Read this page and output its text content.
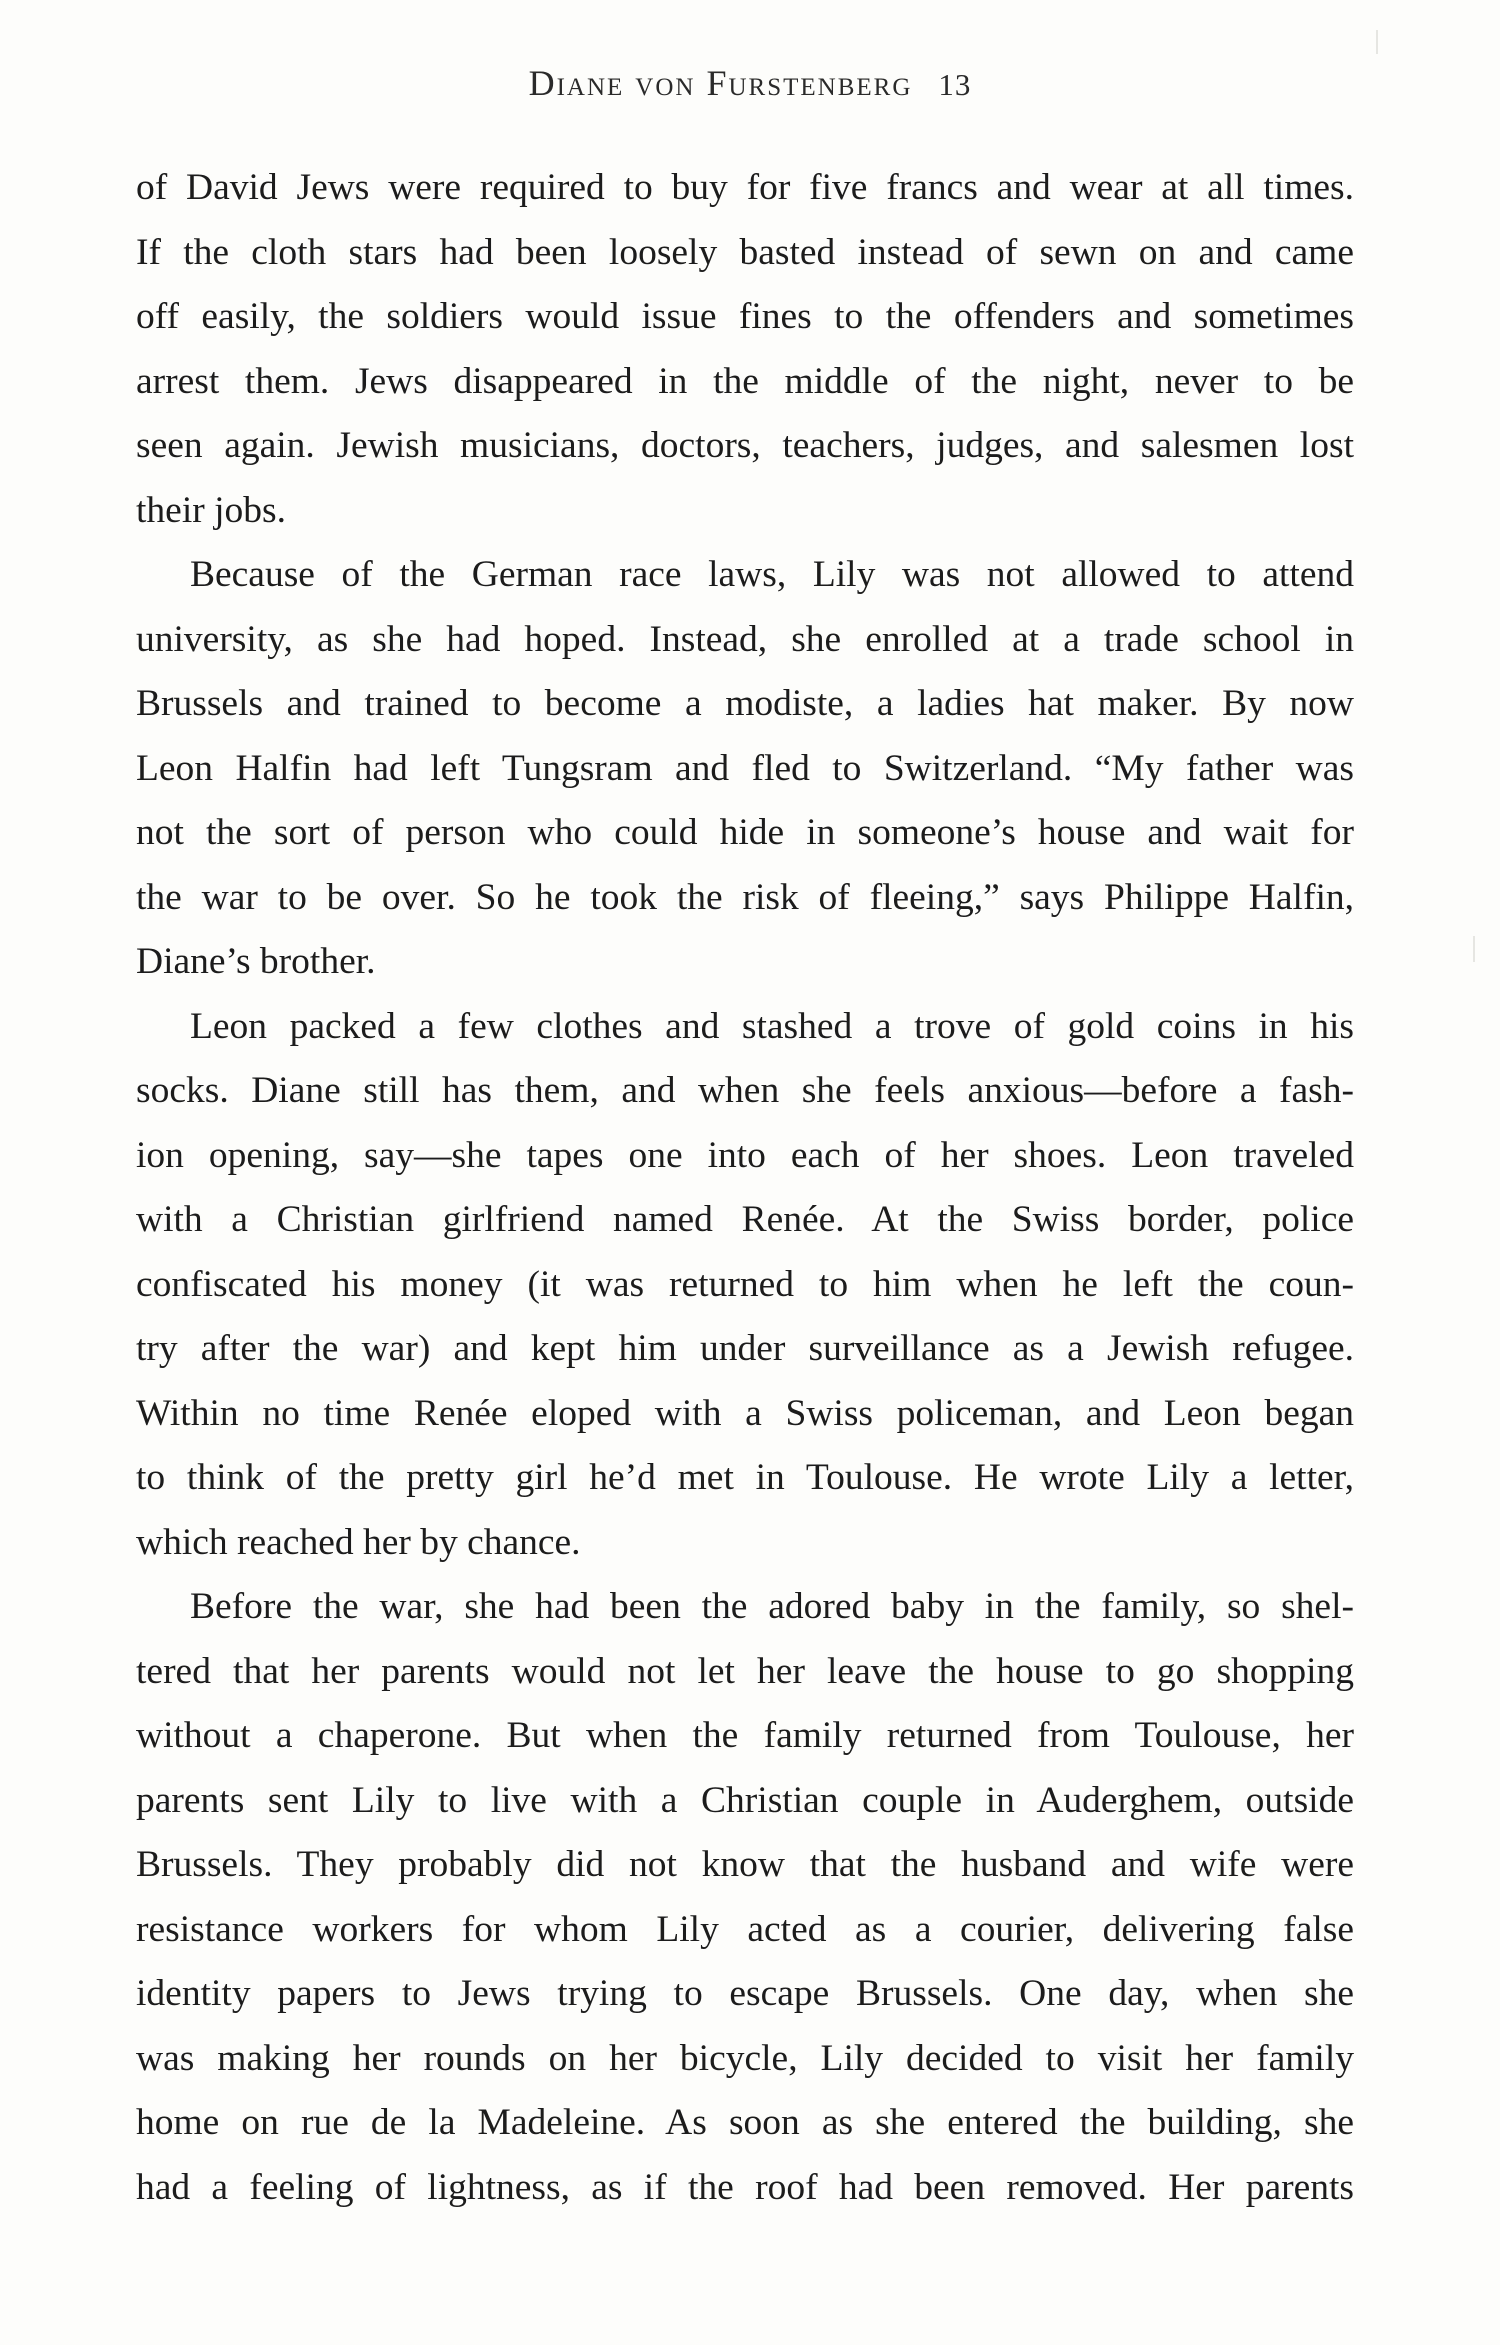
Diane von Furstenberg 13
of David Jews were required to buy for five francs and wear at all times.
If the cloth stars had been loosely basted instead of sewn on and came
off easily, the soldiers would issue fines to the offenders and sometimes
arrest them. Jews disappeared in the middle of the night, never to be
seen again. Jewish musicians, doctors, teachers, judges, and salesmen lost
their jobs.
Because of the German race laws, Lily was not allowed to attend
university, as she had hoped. Instead, she enrolled at a trade school in
Brussels and trained to become a modiste, a ladies hat maker. By now
Leon Halfin had left Tungsram and fled to Switzerland. “My father was
not the sort of person who could hide in someone’s house and wait for
the war to be over. So he took the risk of fleeing,” says Philippe Halfin,
Diane’s brother.
Leon packed a few clothes and stashed a trove of gold coins in his
socks. Diane still has them, and when she feels anxious—before a fash-
ion opening, say—she tapes one into each of her shoes. Leon traveled
with a Christian girlfriend named Renée. At the Swiss border, police
confiscated his money (it was returned to him when he left the coun-
try after the war) and kept him under surveillance as a Jewish refugee.
Within no time Renée eloped with a Swiss policeman, and Leon began
to think of the pretty girl he’d met in Toulouse. He wrote Lily a letter,
which reached her by chance.
Before the war, she had been the adored baby in the family, so shel-
tered that her parents would not let her leave the house to go shopping
without a chaperone. But when the family returned from Toulouse, her
parents sent Lily to live with a Christian couple in Auderghem, outside
Brussels. They probably did not know that the husband and wife were
resistance workers for whom Lily acted as a courier, delivering false
identity papers to Jews trying to escape Brussels. One day, when she
was making her rounds on her bicycle, Lily decided to visit her family
home on rue de la Madeleine. As soon as she entered the building, she
had a feeling of lightness, as if the roof had been removed. Her parents
